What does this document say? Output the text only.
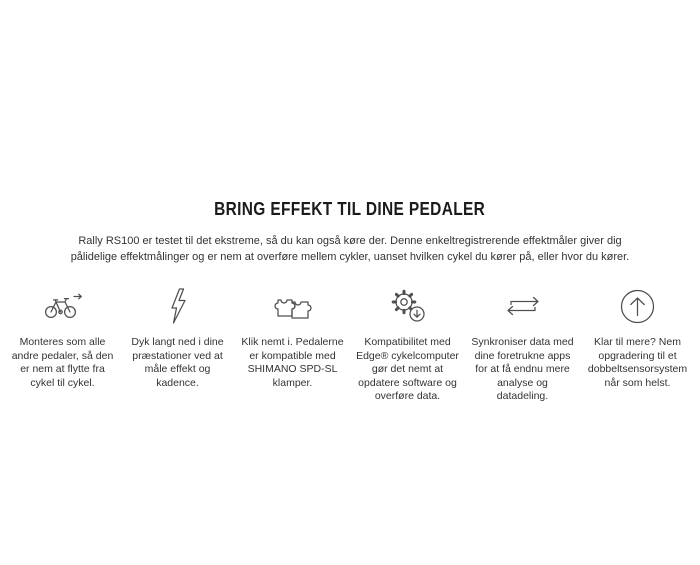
BRING EFFEKT TIL DINE PEDALER

Rally RS100 er testet til det ekstreme, så du kan også køre der. Denne enkeltregistrerende effektmåler giver dig pålidelige effektmålinger og er nem at overføre mellem cykler, uanset hvilken cykel du kører på, eller hvor du kører.

Monteres som alle andre pedaler, så den er nem at flytte fra cykel til cykel.
Dyk langt ned i dine præstationer ved at måle effekt og kadence.
Klik nemt i. Pedalerne er kompatible med SHIMANO SPD-SL klamper.
Kompatibilitet med Edge® cykelcomputer gør det nemt at opdatere software og overføre data.
Synkroniser data med dine foretrukne apps for at få endnu mere analyse og datadeling.
Klar til mere? Nem opgradering til et dobbeltsensorsystem når som helst.
